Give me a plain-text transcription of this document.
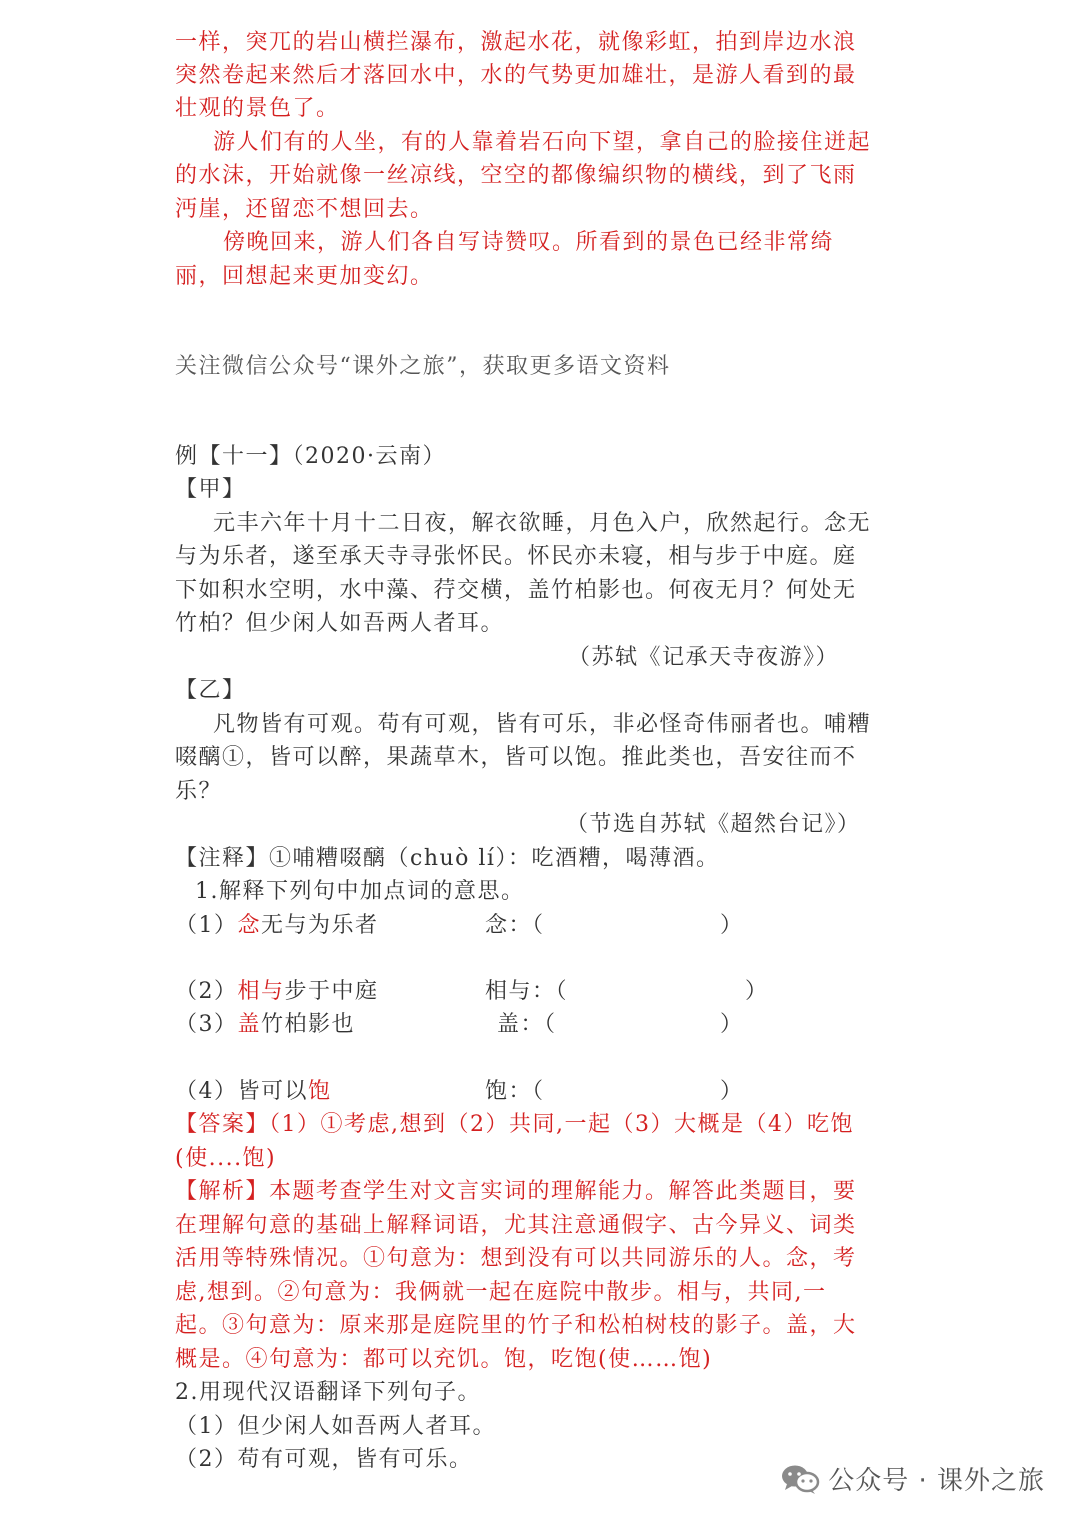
一样，突兀的岩山横拦瀑布，激起水花，就像彩虹，拍到岸边水浪
突然卷起来然后才落回水中，水的气势更加雄壮，是游人看到的最
壮观的景色了。
游人们有的人坐，有的人靠着岩石向下望，拿自己的脸接住迸起
的水沫，开始就像一丝凉线，空空的都像编织物的横线，到了飞雨
沔崖，还留恋不想回去。
傍晚回来，游人们各自写诗赞叹。所看到的景色已经非常绮
丽，回想起来更加变幻。
关注微信公众号“课外之旅”，获取更多语文资料
例【十一】（2020·云南）
【甲】
元丰六年十月十二日夜，解衣欲睡，月色入户，欣然起行。念无
与为乐者，遂至承天寺寻张怀民。怀民亦未寝，相与步于中庭。庭
下如积水空明，水中藻、荇交横，盖竹柏影也。何夜无月？何处无
竹柏？但少闲人如吾两人者耳。
（苏轼《记承天寺夜游》）
【乙】
凡物皆有可观。苟有可观，皆有可乐，非必怪奇伟丽者也。哺糟
啜醨①，皆可以醉，果蔬草木，皆可以饱。推此类也，吾安往而不
乐？
（节选自苏轼《超然台记》）
【注释】①哺糟啜醨（chuò lí）：吃酒糟，喝薄酒。
1.解释下列句中加点词的意思。
（1）念无与为乐者	念：（	）
（2）相与步于中庭	相与：（	）
（3）盖竹柏影也	盖：（	）
（4）皆可以饱	饱：（	）
【答案】（1）①考虑,想到（2）共同,一起（3）大概是（4）吃饱
(使....饱)
【解析】本题考查学生对文言实词的理解能力。解答此类题目，要
在理解句意的基础上解释词语，尤其注意通假字、古今异义、词类
活用等特殊情况。①句意为：想到没有可以共同游乐的人。念，考
虑,想到。②句意为：我俩就一起在庭院中散步。相与，共同,一
起。③句意为：原来那是庭院里的竹子和松柏树枝的影子。盖，大
概是。④句意为：都可以充饥。饱，吃饱(使……饱)
2.用现代汉语翻译下列句子。
（1）但少闲人如吾两人者耳。
（2）苟有可观，皆有可乐。
公众号 · 课外之旅
